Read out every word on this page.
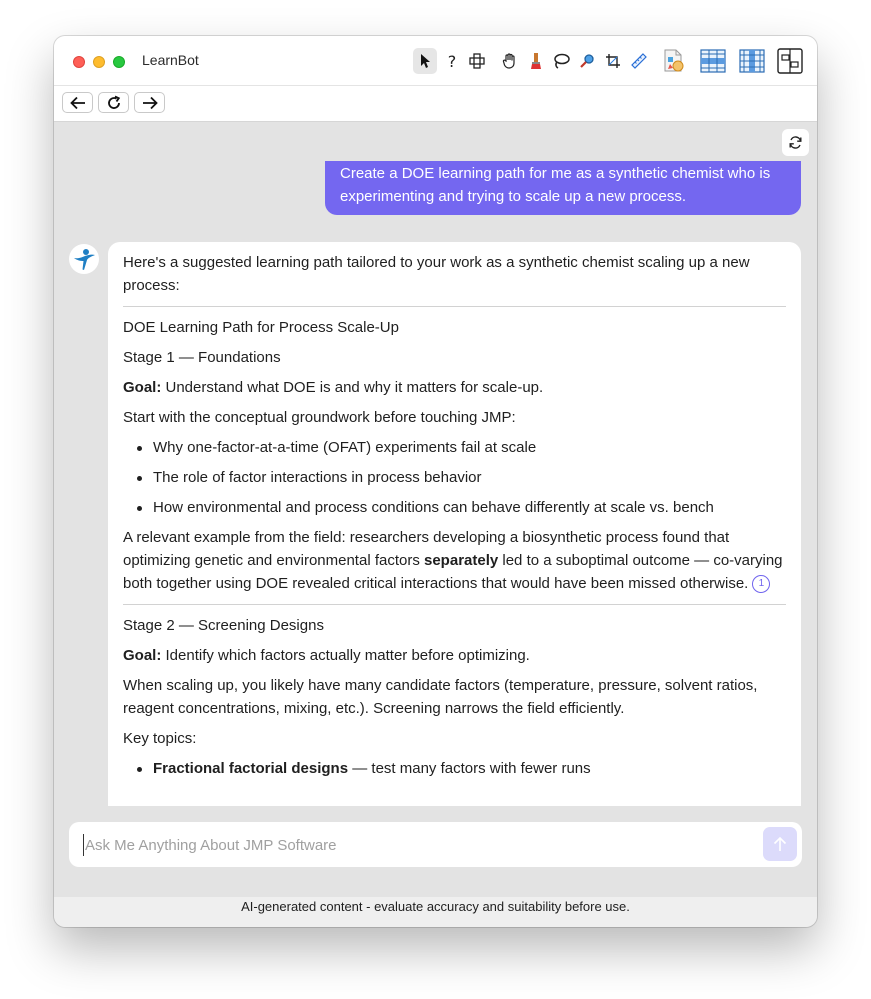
LearnBot	?
Create a DOE learning path for me as a synthetic chemist who is experimenting and trying to scale up a new process.

Here's a suggested learning path tailored to your work as a synthetic chemist scaling up a new process:

DOE Learning Path for Process Scale-Up

Stage 1 — Foundations

Goal: Understand what DOE is and why it matters for scale-up.

Start with the conceptual groundwork before touching JMP:

Why one-factor-at-a-time (OFAT) experiments fail at scale
The role of factor interactions in process behavior
How environmental and process conditions can behave differently at scale vs. bench

A relevant example from the field: researchers developing a biosynthetic process found that optimizing genetic and environmental factors separately led to a suboptimal outcome — co-varying both together using DOE revealed critical interactions that would have been missed otherwise. 1

Stage 2 — Screening Designs

Goal: Identify which factors actually matter before optimizing.

When scaling up, you likely have many candidate factors (temperature, pressure, solvent ratios, reagent concentrations, mixing, etc.). Screening narrows the field efficiently.

Key topics:

Fractional factorial designs — test many factors with fewer runs
Ask Me Anything About JMP Software
AI-generated content - evaluate accuracy and suitability before use.
